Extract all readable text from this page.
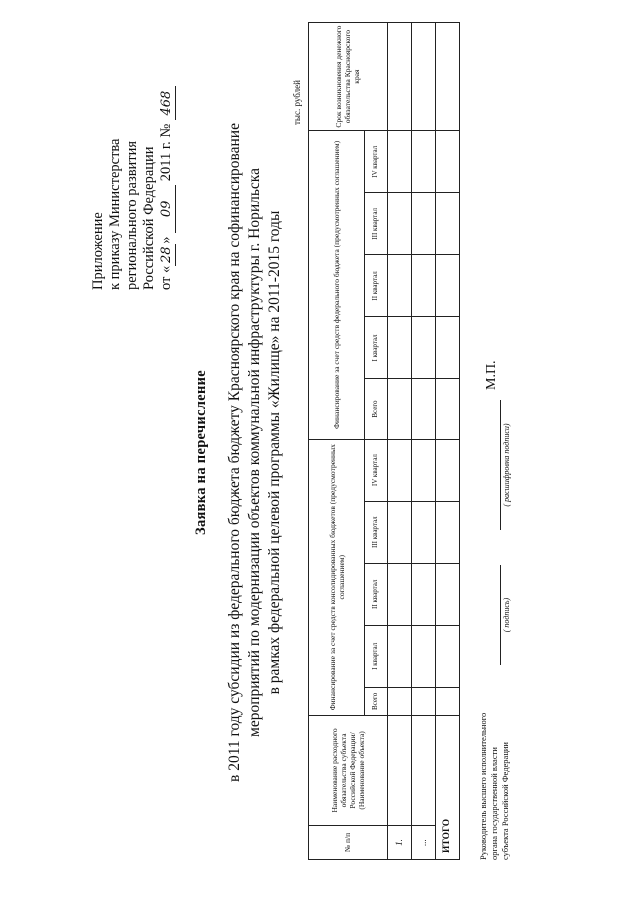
Приложение к приказу Министерства регионального развития Российской Федерации от «28» 09 2011 г. № 468
Заявка на перечисление в 2011 году субсидии из федерального бюджета бюджету Красноярского края на софинансирование мероприятий по модернизации объектов коммунальной инфраструктуры г. Норильска в рамках федеральной целевой программы «Жилище» на 2011-2015 годы
тыс. рублей
№ п/п	Наименование расходного обязательства субъекта Российской Федерации/ (Наименование объекта)	Финансирование за счет средств консолидированных бюджетов (предусмотренных соглашением)					Финансирование за счет средств федерального бюджета (предусмотренных соглашением)					Срок возникновения денежного обязательства Красноярского края
		Всего	I квартал	II квартал	III квартал	IV квартал	Всего	I квартал	II квартал	III квартал	IV квартал	
1.												
...												
ИТОГО													Руководитель высшего исполнительного органа государственной власти субъекта Российской Федерации
( подпись)
( расшифровка подписи)
М.П.
